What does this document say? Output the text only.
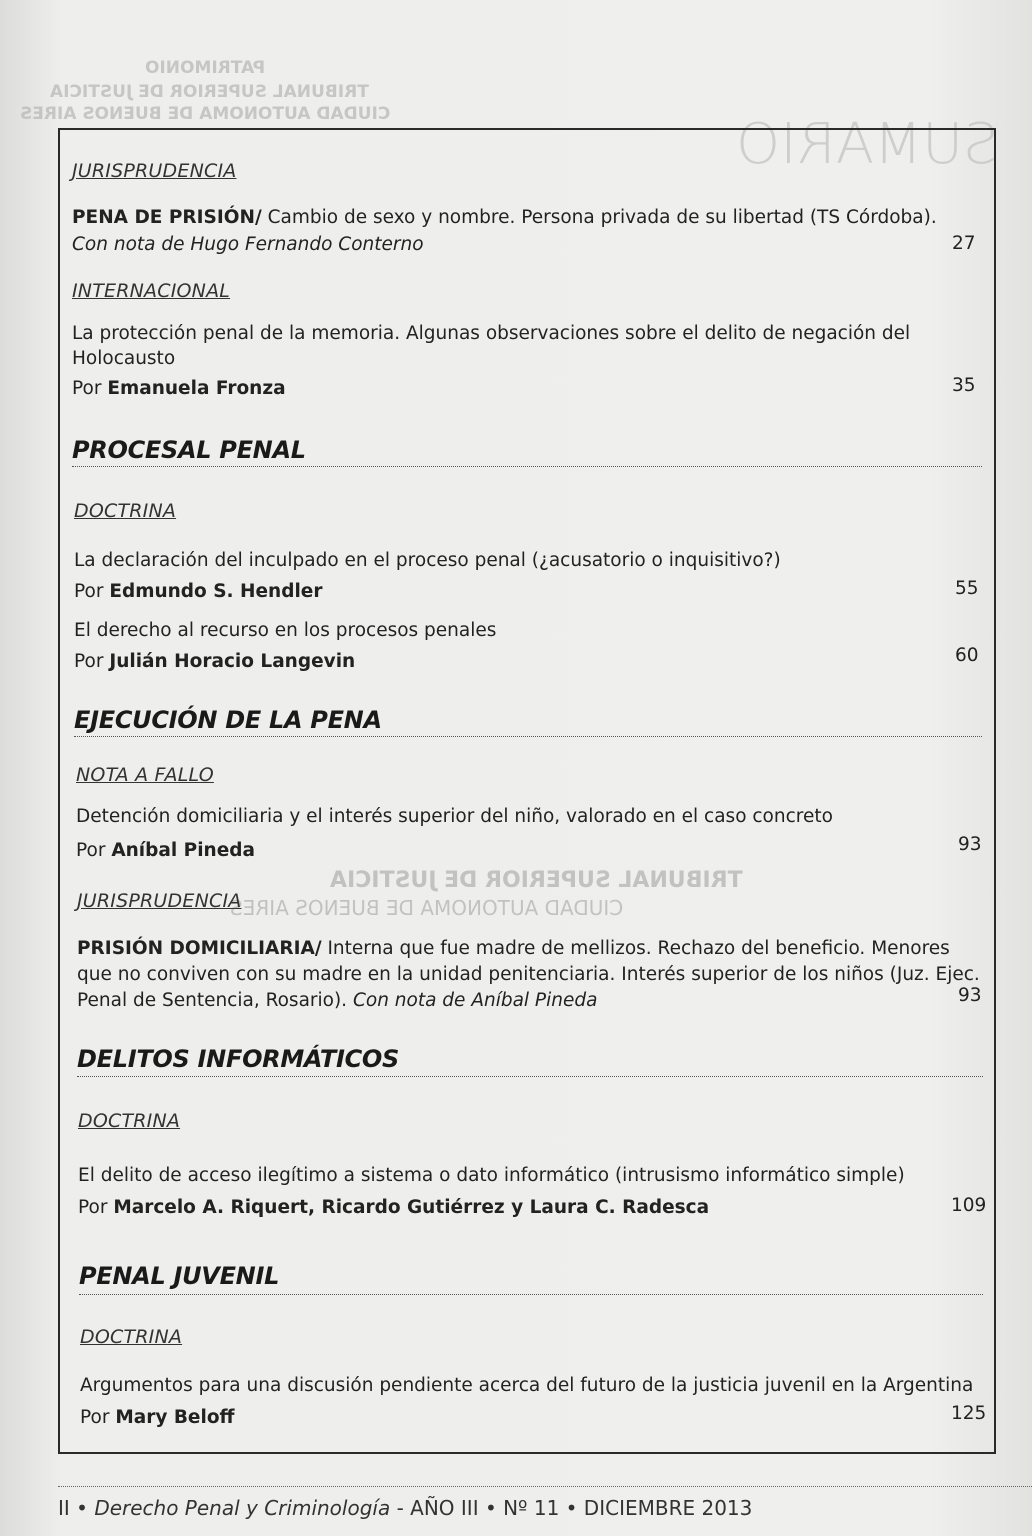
PATRIMONIO
TRIBUNAL SUPERIOR DE JUSTICIA
CIUDAD AUTONOMA DE BUENOS AIRES	SUMARIO
TRIBUNAL SUPERIOR DE JUSTICIA
CIUDAD AUTONOMA DE BUENOS AIRES
JURISPRUDENCIA
PENA DE PRISIÓN/ Cambio de sexo y nombre. Persona privada de su libertad (TS Córdoba).
Con nota de Hugo Fernando Conterno	27
INTERNACIONAL
La protección penal de la memoria. Algunas observaciones sobre el delito de negación del
Holocausto
Por Emanuela Fronza	35
PROCESAL PENAL
DOCTRINA
La declaración del inculpado en el proceso penal (¿acusatorio o inquisitivo?)
Por Edmundo S. Hendler	55
El derecho al recurso en los procesos penales
Por Julián Horacio Langevin	60
EJECUCIÓN DE LA PENA
NOTA A FALLO
Detención domiciliaria y el interés superior del niño, valorado en el caso concreto
Por Aníbal Pineda	93
JURISPRUDENCIA
PRISIÓN DOMICILIARIA/ Interna que fue madre de mellizos. Rechazo del beneficio. Menores
que no conviven con su madre en la unidad penitenciaria. Interés superior de los niños (Juz. Ejec.
Penal de Sentencia, Rosario). Con nota de Aníbal Pineda	93
DELITOS INFORMÁTICOS
DOCTRINA
El delito de acceso ilegítimo a sistema o dato informático (intrusismo informático simple)
Por Marcelo A. Riquert, Ricardo Gutiérrez y Laura C. Radesca	109
PENAL JUVENIL
DOCTRINA
Argumentos para una discusión pendiente acerca del futuro de la justicia juvenil en la Argentina
Por Mary Beloff	125
II • Derecho Penal y Criminología - AÑO III • Nº 11 • DICIEMBRE 2013
